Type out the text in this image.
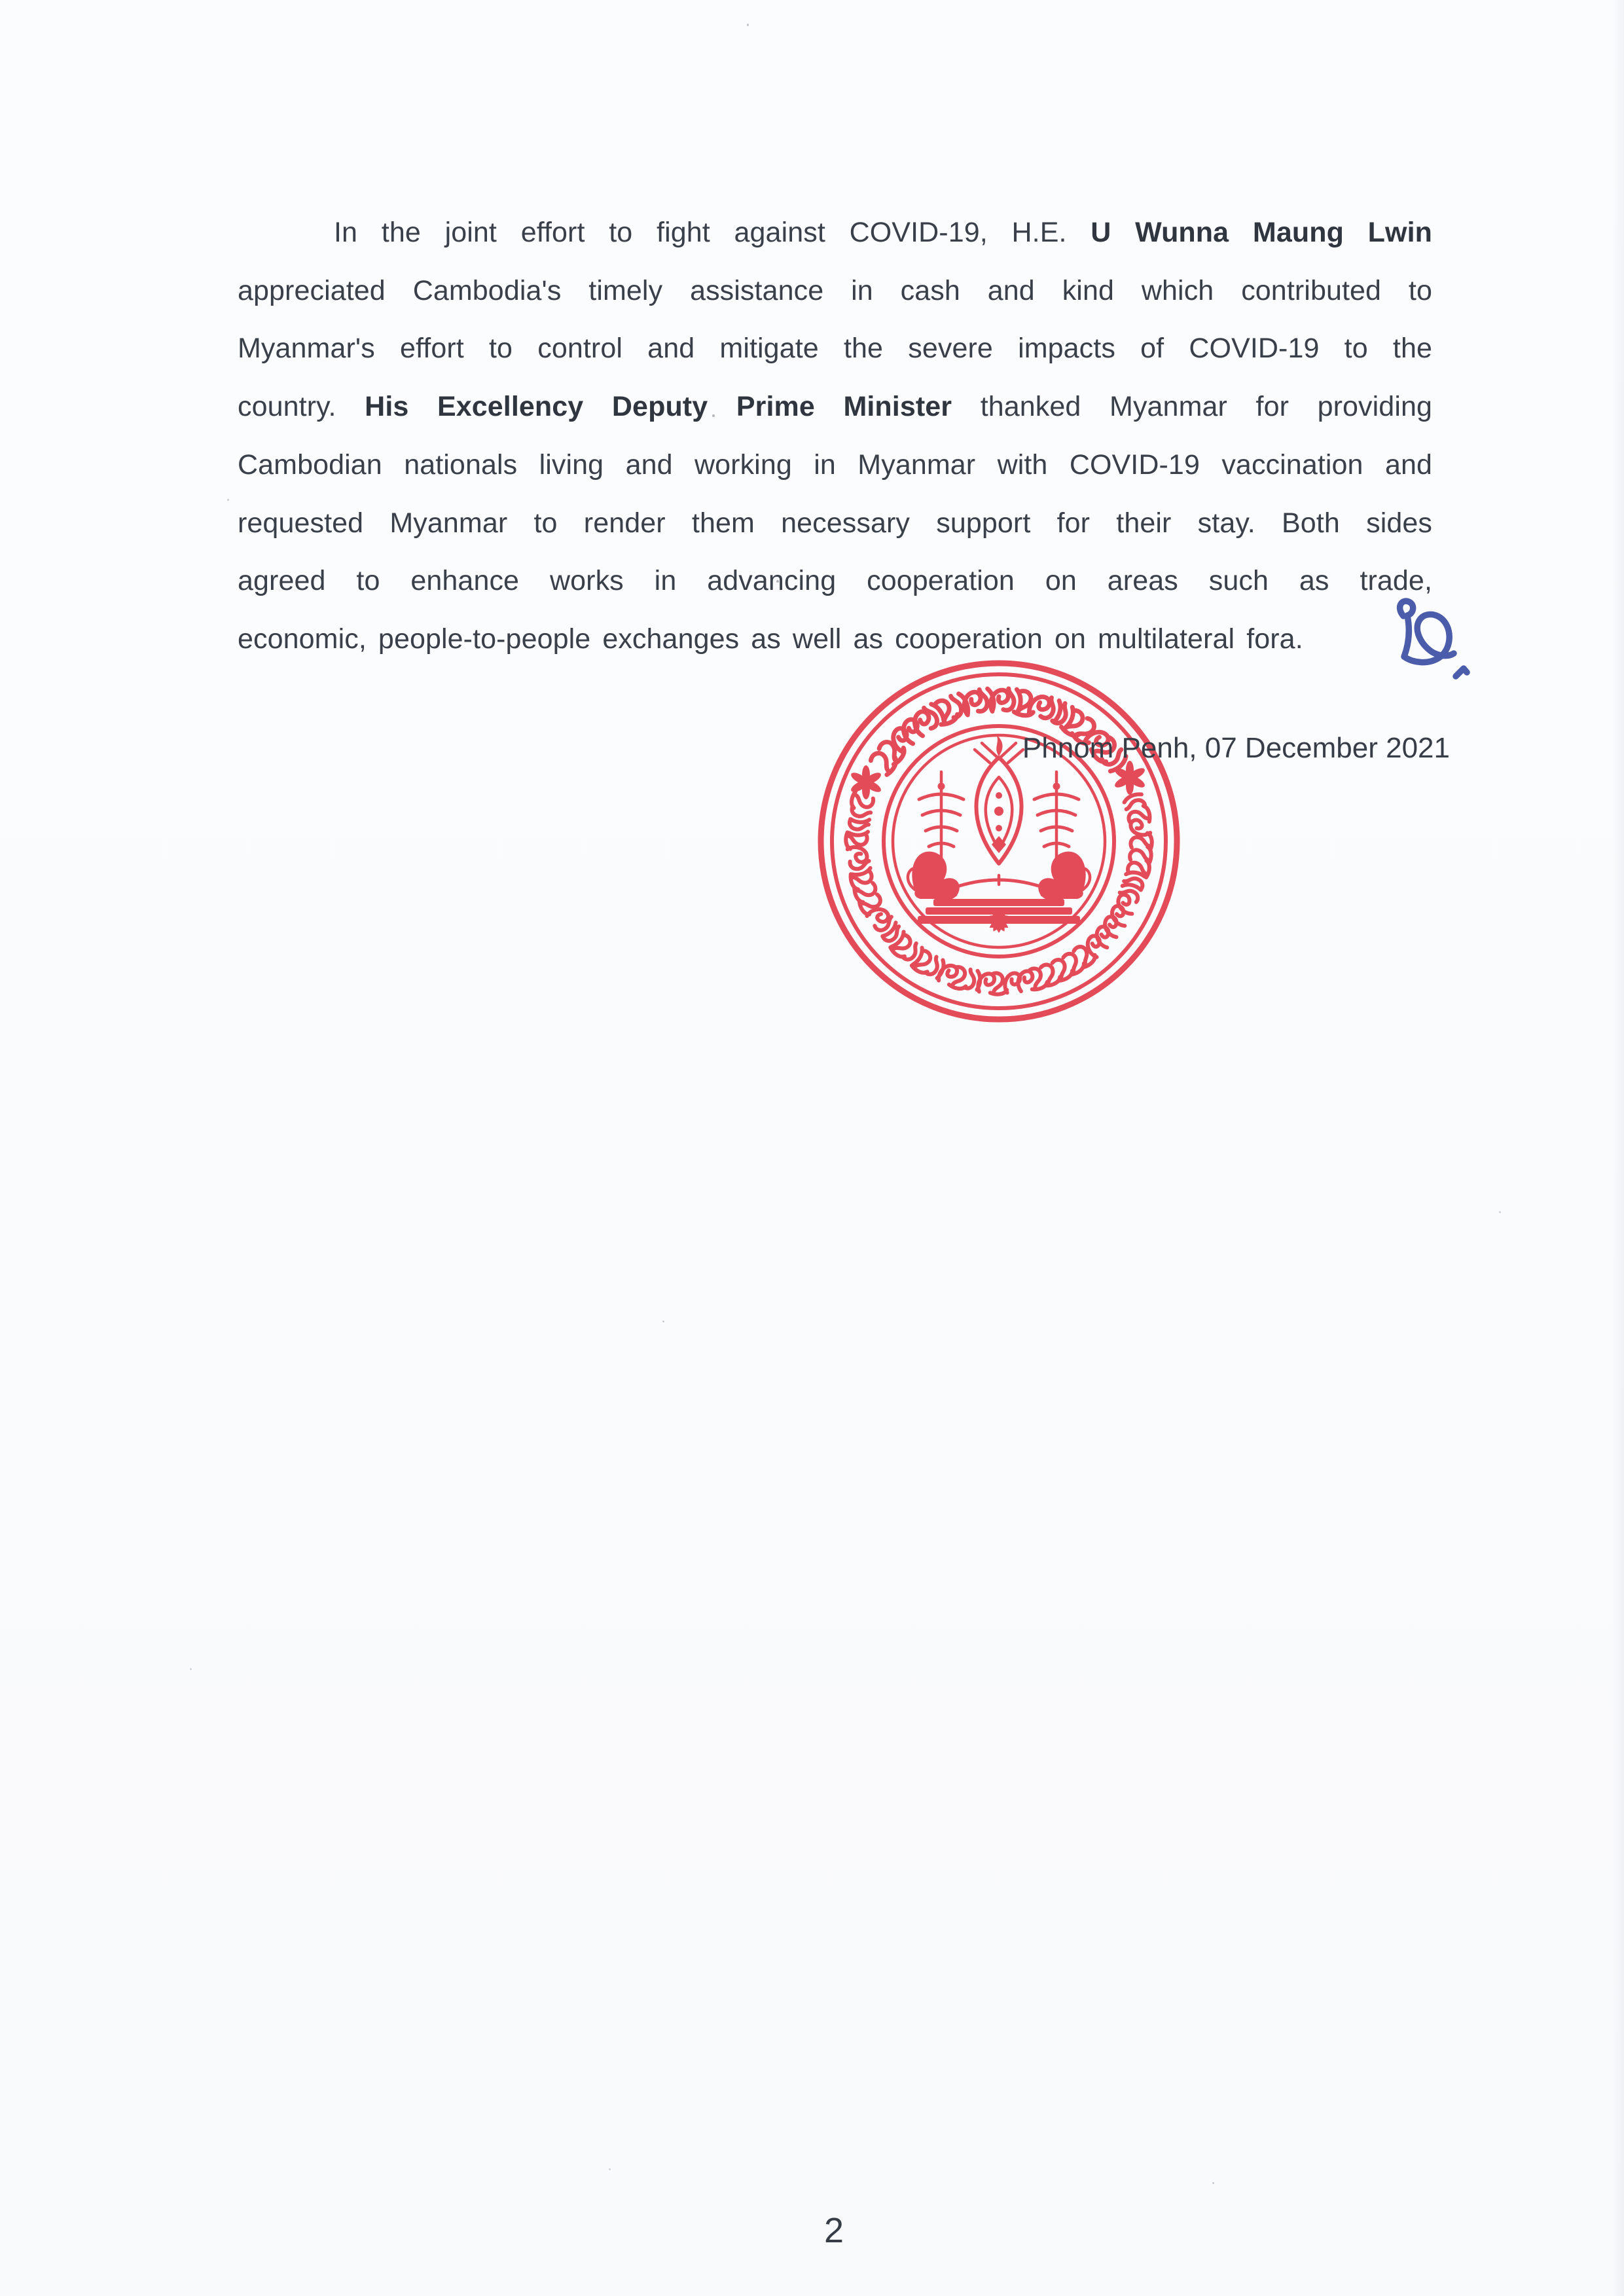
In the joint effort to fight against COVID-19, H.E. U Wunna Maung Lwin
appreciated Cambodia's timely assistance in cash and kind which contributed to
Myanmar's effort to control and mitigate the severe impacts of COVID-19 to the
country. His Excellency Deputy Prime Minister thanked Myanmar for providing
Cambodian nationals living and working in Myanmar with COVID-19 vaccination and
requested Myanmar to render them necessary support for their stay. Both sides
agreed to enhance works in advancing cooperation on areas such as trade,
economic, people-to-people exchanges as well as cooperation on multilateral fora.
Phnom Penh, 07 December 2021
2
